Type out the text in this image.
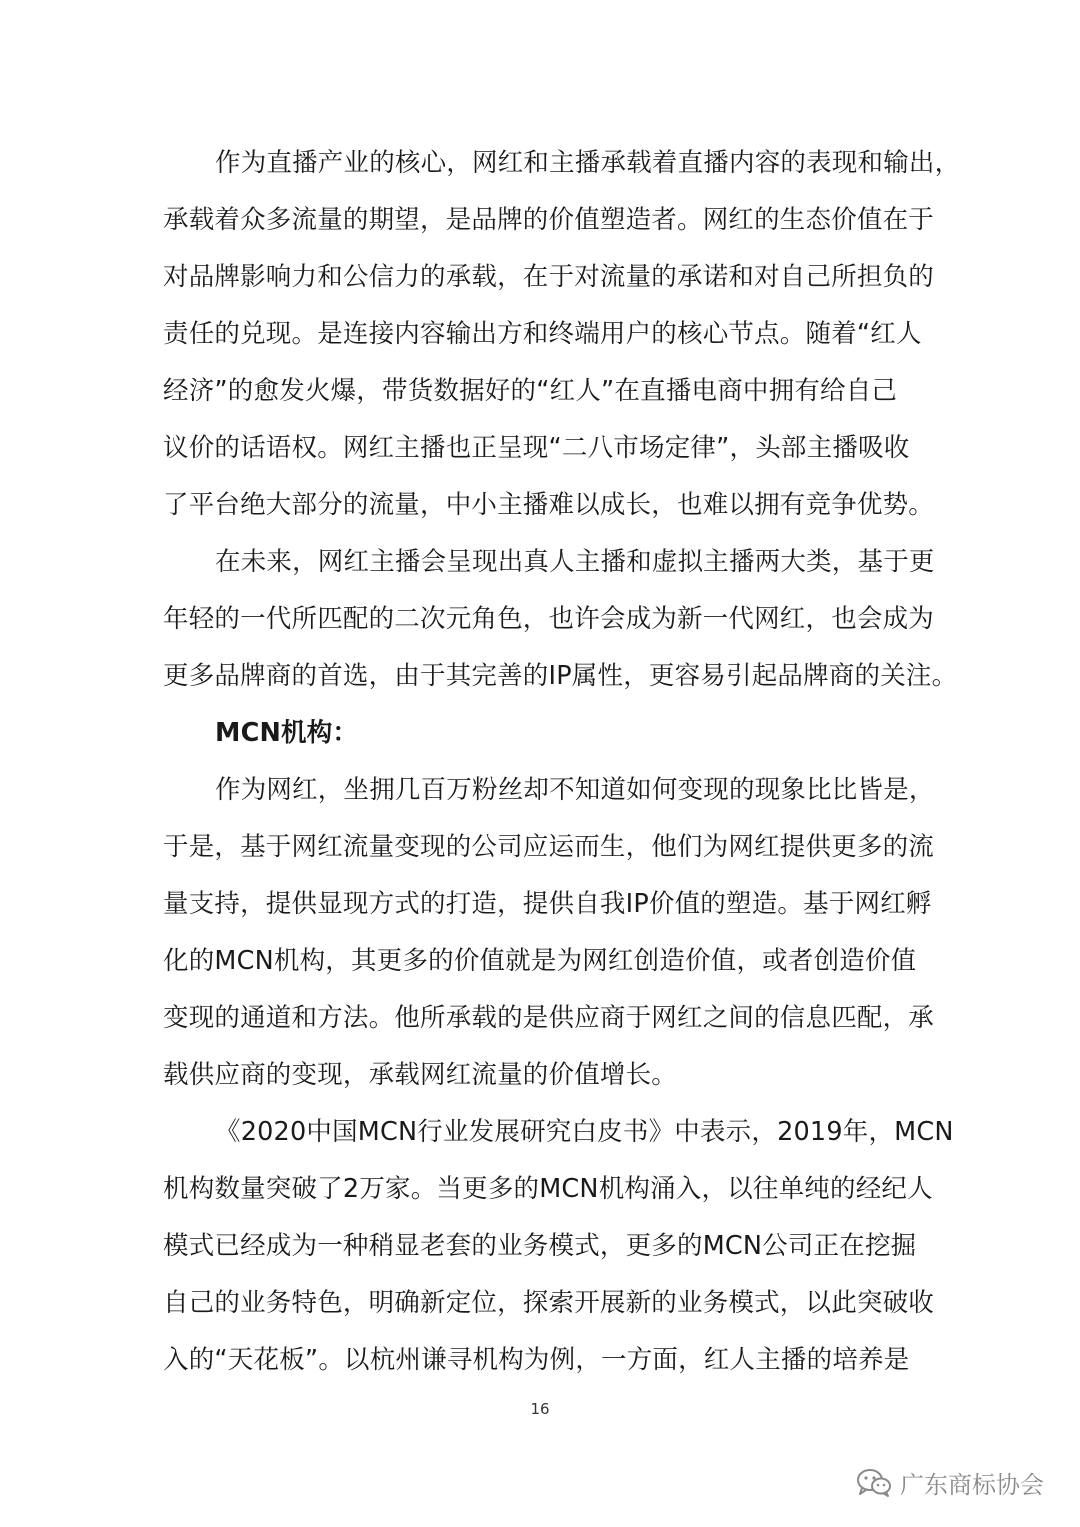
作为直播产业的核心，网红和主播承载着直播内容的表现和输出，
承载着众多流量的期望，是品牌的价值塑造者。网红的生态价值在于
对品牌影响力和公信力的承载，在于对流量的承诺和对自己所担负的
责任的兑现。是连接内容输出方和终端用户的核心节点。随着“红人
经济”的愈发火爆，带货数据好的“红人”在直播电商中拥有给自己
议价的话语权。网红主播也正呈现“二八市场定律”，头部主播吸收
了平台绝大部分的流量，中小主播难以成长，也难以拥有竞争优势。
在未来，网红主播会呈现出真人主播和虚拟主播两大类，基于更
年轻的一代所匹配的二次元角色，也许会成为新一代网红，也会成为
更多品牌商的首选，由于其完善的IP属性，更容易引起品牌商的关注。
MCN机构：
作为网红，坐拥几百万粉丝却不知道如何变现的现象比比皆是，
于是，基于网红流量变现的公司应运而生，他们为网红提供更多的流
量支持，提供显现方式的打造，提供自我IP价值的塑造。基于网红孵
化的MCN机构，其更多的价值就是为网红创造价值，或者创造价值
变现的通道和方法。他所承载的是供应商于网红之间的信息匹配，承
载供应商的变现，承载网红流量的价值增长。
《2020中国MCN行业发展研究白皮书》中表示，2019年，MCN
机构数量突破了2万家。当更多的MCN机构涌入，以往单纯的经纪人
模式已经成为一种稍显老套的业务模式，更多的MCN公司正在挖掘
自己的业务特色，明确新定位，探索开展新的业务模式，以此突破收
入的“天花板”。以杭州谦寻机构为例，一方面，红人主播的培养是
16
广东商标协会
